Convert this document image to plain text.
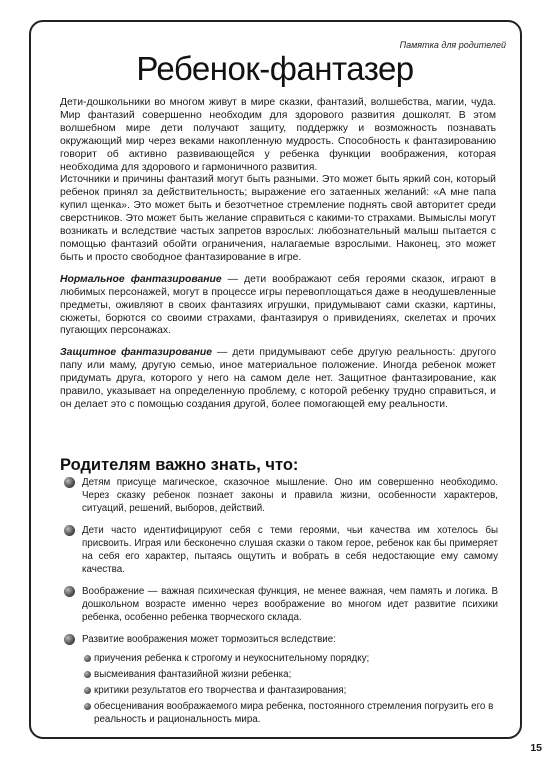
Памятка для родителей
Ребенок-фантазер

Дети-дошкольники во многом живут в мире сказки, фантазий, волшебства, магии, чуда. Мир фантазий совершенно необходим для здорового развития дошколят. В этом волшебном мире дети получают защиту, поддержку и возможность познавать окружающий мир через веками накопленную мудрость. Способность к фантазированию говорит об активно развивающейся у ребенка функции воображения, которая необходима для здорового и гармоничного развития.

Источники и причины фантазий могут быть разными. Это может быть яркий сон, который ребенок принял за действительность; выражение его затаенных желаний: «А мне папа купил щенка». Это может быть и безотчетное стремление поднять свой авторитет среди сверстников. Это может быть желание справиться с какими-то страхами. Вымыслы могут возникать и вследствие частых запретов взрослых: любознательный малыш пытается с помощью фантазий обойти ограничения, налагаемые взрослыми. Наконец, это может быть и просто свободное фантазирование в игре.

Нормальное фантазирование — дети воображают себя героями сказок, играют в любимых персонажей, могут в процессе игры перевоплощаться даже в неодушевленные предметы, оживляют в своих фантазиях игрушки, придумывают сами сказки, картины, сюжеты, борются со своими страхами, фантазируя о привидениях, скелетах и прочих пугающих персонажах.

Защитное фантазирование — дети придумывают себе другую реальность: другого папу или маму, другую семью, иное материальное положение. Иногда ребенок может придумать друга, которого у него на самом деле нет. Защитное фантазирование, как правило, указывает на определенную проблему, с которой ребенку трудно справиться, и он делает это с помощью создания другой, более помогающей ему реальности.

Родителям важно знать, что:
Детям присуще магическое, сказочное мышление. Оно им совершенно необходимо. Через сказку ребенок познает законы и правила жизни, особенности характеров, ситуаций, решений, выборов, действий.
Дети часто идентифицируют себя с теми героями, чьи качества им хотелось бы присвоить. Играя или бесконечно слушая сказки о таком герое, ребенок как бы примеряет на себя его характер, пытаясь ощутить и вобрать в себя недостающие ему самому качества.
Воображение — важная психическая функция, не менее важная, чем память и логика. В дошкольном возрасте именно через воображение во многом идет развитие психики ребенка, особенно ребенка творческого склада.
Развитие воображения может тормозиться вследствие:
приучения ребенка к строгому и неукоснительному порядку;
высмеивания фантазийной жизни ребенка;
критики результатов его творчества и фантазирования;
обесценивания воображаемого мира ребенка, постоянного стремления погрузить его в реальность и рациональность мира.
15
